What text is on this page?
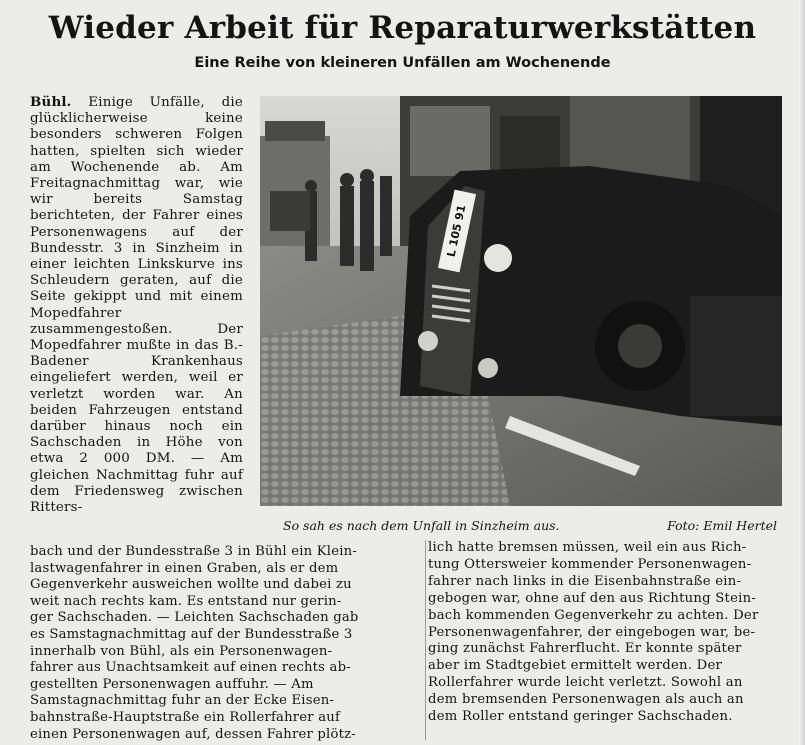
Wieder Arbeit für Reparaturwerkstätten
Eine Reihe von kleineren Unfällen am Wochenende
Bühl. Einige Unfälle, die glücklicherweise keine besonders schweren Folgen hatten, spielten sich wieder am Wochenende ab. Am Freitagnachmittag war, wie wir bereits Samstag berichteten, der Fahrer eines Personenwagens auf der Bundesstr. 3 in Sinzheim in einer leichten Linkskurve ins Schleudern geraten, auf die Seite gekippt und mit einem Mopedfahrer zusammengestoßen. Der Mopedfahrer mußte in das B.-Badener Krankenhaus eingeliefert werden, weil er verletzt worden war. An beiden Fahrzeugen entstand darüber hinaus noch ein Sachschaden in Höhe von etwa 2 000 DM. — Am gleichen Nachmittag fuhr auf dem Friedensweg zwischen Ritters-
L 105 91
So sah es nach dem Unfall in Sinzheim aus.	Foto: Emil Hertel
bach und der Bundesstraße 3 in Bühl ein Klein-
lastwagenfahrer in einen Graben, als er dem
Gegenverkehr ausweichen wollte und dabei zu
weit nach rechts kam. Es entstand nur gerin-
ger Sachschaden. — Leichten Sachschaden gab
es Samstagnachmittag auf der Bundesstraße 3
innerhalb von Bühl, als ein Personenwagen-
fahrer aus Unachtsamkeit auf einen rechts ab-
gestellten Personenwagen auffuhr. — Am
Samstagnachmittag fuhr an der Ecke Eisen-
bahnstraße-Hauptstraße ein Rollerfahrer auf
einen Personenwagen auf, dessen Fahrer plötz-
lich hatte bremsen müssen, weil ein aus Rich-
tung Ottersweier kommender Personenwagen-
fahrer nach links in die Eisenbahnstraße ein-
gebogen war, ohne auf den aus Richtung Stein-
bach kommenden Gegenverkehr zu achten. Der
Personenwagenfahrer, der eingebogen war, be-
ging zunächst Fahrerflucht. Er konnte später
aber im Stadtgebiet ermittelt werden. Der
Rollerfahrer wurde leicht verletzt. Sowohl an
dem bremsenden Personenwagen als auch an
dem Roller entstand geringer Sachschaden.
